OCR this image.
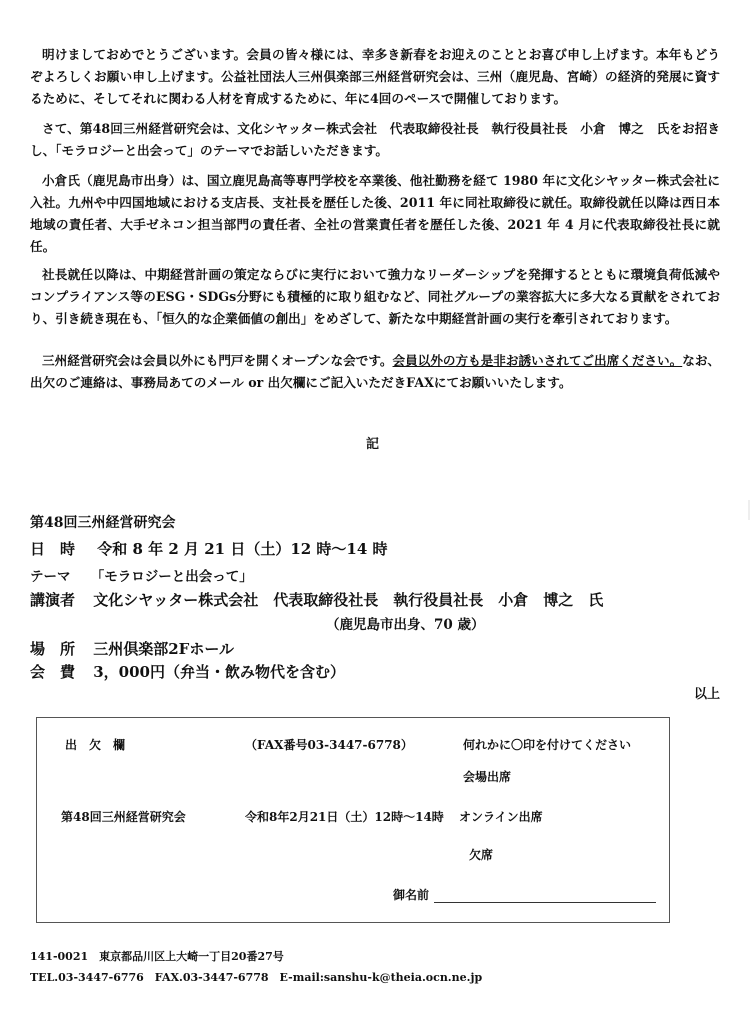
明けましておめでとうございます。会員の皆々様には、幸多き新春をお迎えのこととお喜び申し上げます。本年もどうぞよろしくお願い申し上げます。公益社団法人三州倶楽部三州経営研究会は、三州（鹿児島、宮崎）の経済的発展に資するために、そしてそれに関わる人材を育成するために、年に4回のペースで開催しております。

さて、第48回三州経営研究会は、文化シヤッター株式会社　代表取締役社長　執行役員社長　小倉　博之　氏をお招きし、「モラロジーと出会って」のテーマでお話しいただきます。

小倉氏（鹿児島市出身）は、国立鹿児島高等専門学校を卒業後、他社勤務を経て 1980 年に文化シヤッター株式会社に入社。九州や中四国地域における支店長、支社長を歴任した後、2011 年に同社取締役に就任。取締役就任以降は西日本地域の責任者、大手ゼネコン担当部門の責任者、全社の営業責任者を歴任した後、2021 年 4 月に代表取締役社長に就任。

社長就任以降は、中期経営計画の策定ならびに実行において強力なリーダーシップを発揮するとともに環境負荷低減やコンプライアンス等のESG・SDGs分野にも積極的に取り組むなど、同社グループの業容拡大に多大なる貢献をされており、引き続き現在も、「恒久的な企業価値の創出」をめざして、新たな中期経営計画の実行を牽引されております。

三州経営研究会は会員以外にも門戸を開くオープンな会です。会員以外の方も是非お誘いされてご出席ください。なお、出欠のご連絡は、事務局あてのメール or 出欠欄にご記入いただきFAXにてお願いいたします。

記
第48回三州経営研究会
日　時 令和 8 年 2 月 21 日（土）12 時～14 時
テーマ 「モラロジーと出会って」
講演者 文化シヤッター株式会社　代表取締役社長　執行役員社長　小倉　博之　氏
（鹿児島市出身、70 歳）
場　所 三州倶楽部2Fホール
会　費 3，000円（弁当・飲み物代を含む）
以上
出　欠　欄	（FAX番号03-3447-6778）	何れかに〇印を付けてください
会場出席
第48回三州経営研究会	令和8年2月21日（土）12時～14時 オンライン出席
欠席
御名前
141-0021　東京都品川区上大崎一丁目20番27号
TEL.03-3447-6776　FAX.03-3447-6778　E-mail:sanshu-k@theia.ocn.ne.jp
